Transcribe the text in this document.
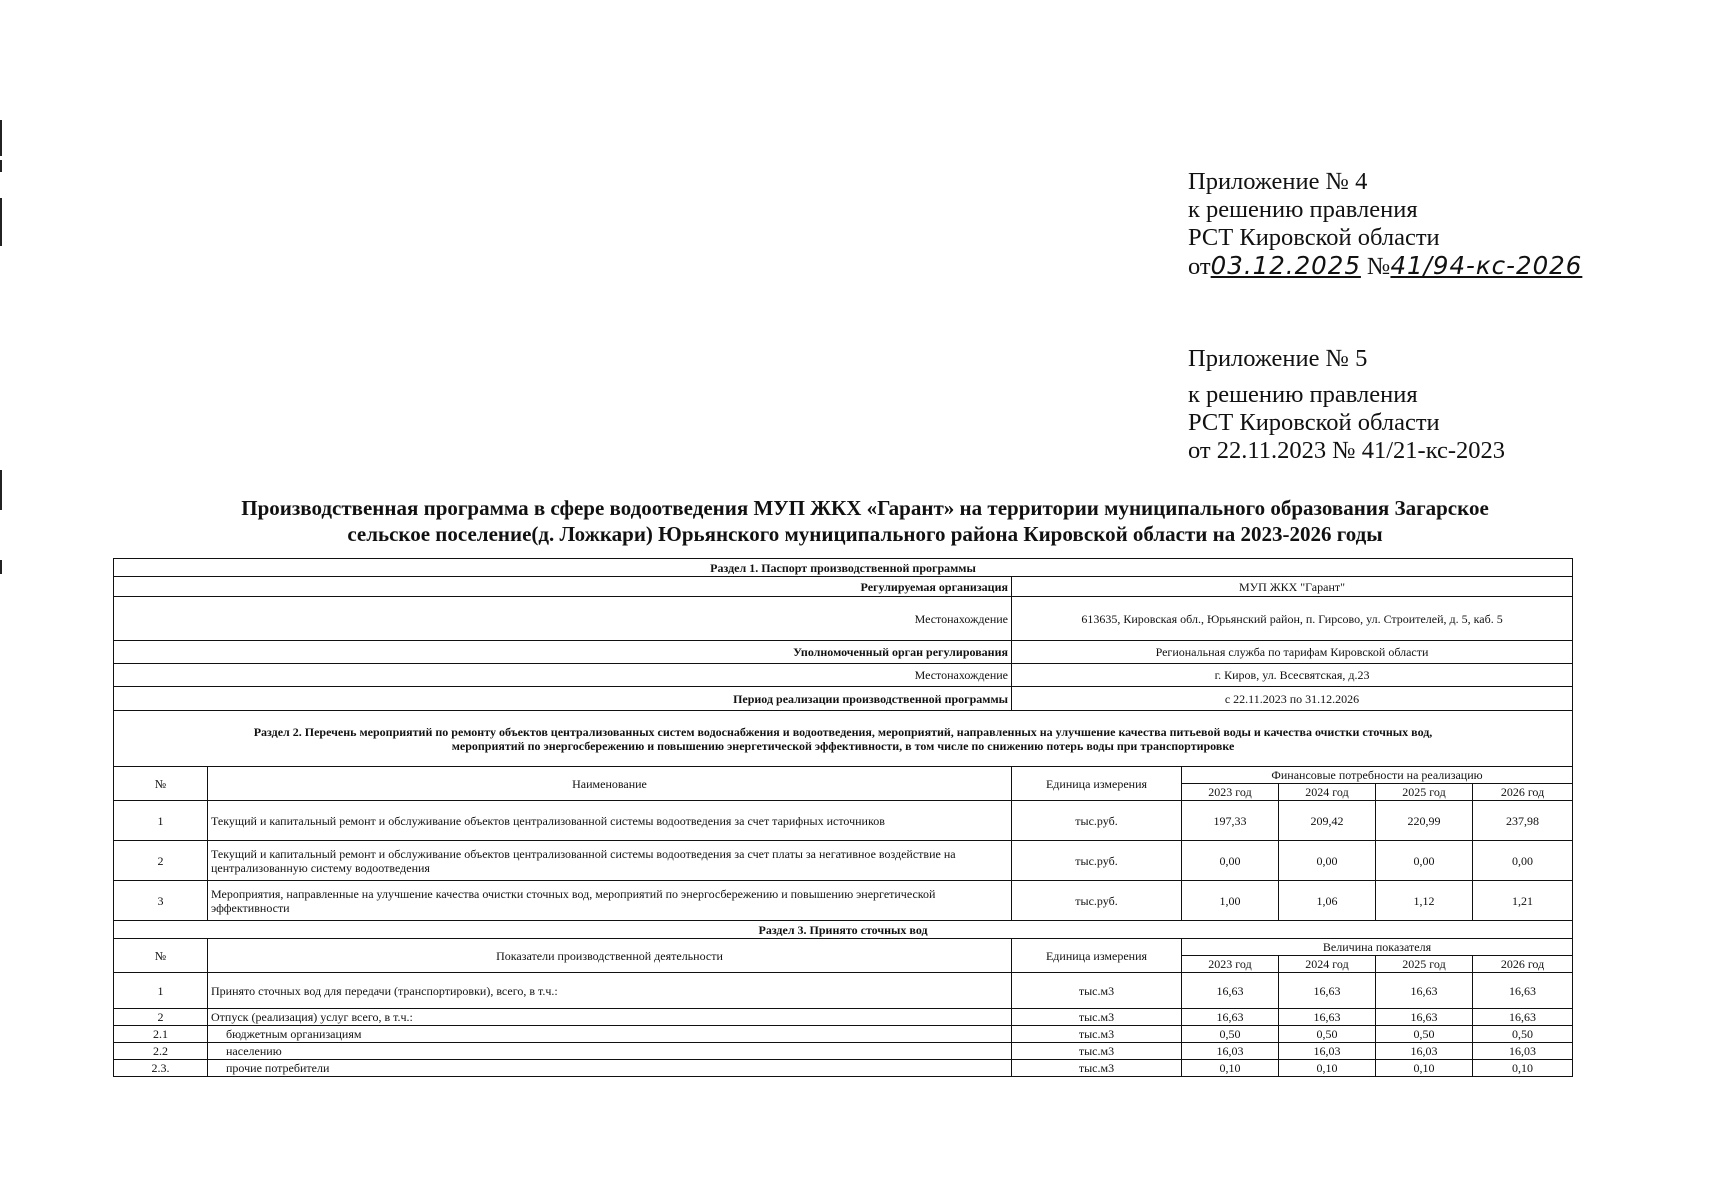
Приложение № 4
к решению правления
РСТ Кировской области
от03.12.2025 №41/94-кс-2026
Приложение № 5
к решению правления
РСТ Кировской области
от 22.11.2023 № 41/21-кс-2023
Производственная программа в сфере водоотведения МУП ЖКХ «Гарант» на территории муниципального образования Загарское
сельское поселение(д. Ложкари) Юрьянского муниципального района Кировской области на 2023-2026 годы
Раздел 1. Паспорт производственной программы						
Регулируемая организация		МУП ЖКХ "Гарант"				
Местонахождение		613635, Кировская обл., Юрьянский район, п. Гирсово, ул. Строителей, д. 5, каб. 5				
Уполномоченный орган регулирования		Региональная служба по тарифам Кировской области				
Местонахождение		г. Киров, ул. Всесвятская, д.23				
Период реализации производственной программы		с 22.11.2023 по 31.12.2026				

Раздел 2. Перечень мероприятий по ремонту объектов централизованных систем водоснабжения и водоотведения, мероприятий, направленных на улучшение качества питьевой воды и качества очистки сточных вод,
мероприятий по энергосбережению и повышению энергетической эффективности, в том числе по снижению потерь воды при транспортировке						

№	Наименование	Единица измерения	Финансовые потребности на реализацию			
			2023 год	2024 год	2025 год	2026 год
1	Текущий и капитальный ремонт и обслуживание объектов централизованной системы водоотведения за счет тарифных источников	тыс.руб.	197,33	209,42	220,99	237,98
2	Текущий и капитальный ремонт и обслуживание объектов централизованной системы водоотведения за счет платы за негативное воздействие на централизованную систему водоотведения	тыс.руб.	0,00	0,00	0,00	0,00
3	Мероприятия, направленные на улучшение качества очистки сточных вод, мероприятий по энергосбережению и повышению энергетической эффективности	тыс.руб.	1,00	1,06	1,12	1,21
Раздел 3. Принято сточных вод						
№	Показатели производственной деятельности	Единица измерения	Величина показателя			
			2023 год	2024 год	2025 год	2026 год
1	Принято сточных вод для передачи (транспортировки), всего, в т.ч.:	тыс.м3	16,63	16,63	16,63	16,63
2	Отпуск (реализация) услуг всего, в т.ч.:	тыс.м3	16,63	16,63	16,63	16,63
2.1	бюджетным организациям	тыс.м3	0,50	0,50	0,50	0,50
2.2	населению	тыс.м3	16,03	16,03	16,03	16,03
2.3.	прочие потребители	тыс.м3	0,10	0,10	0,10	0,10
